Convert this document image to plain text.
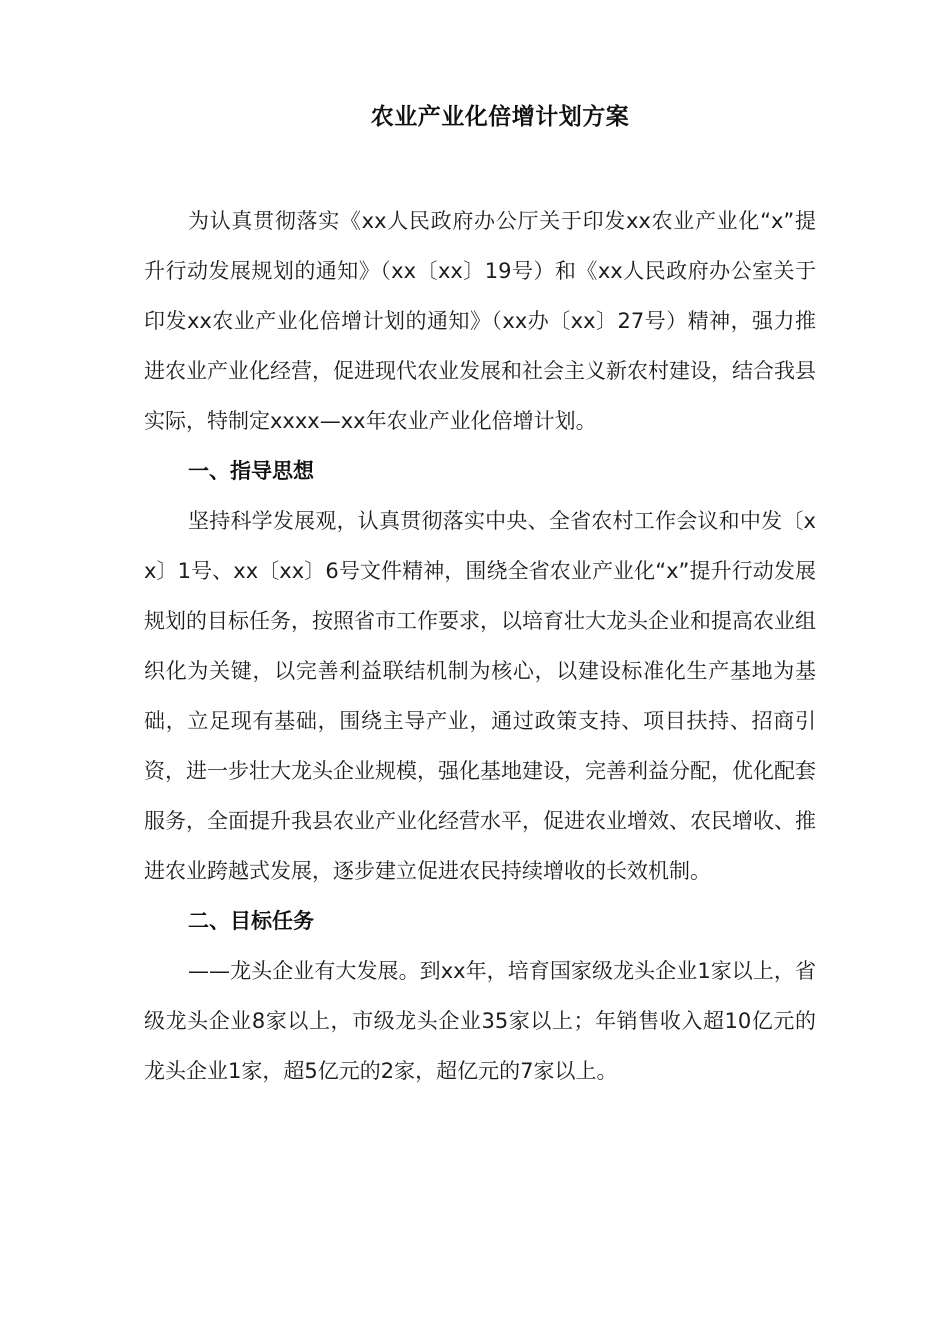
农业产业化倍增计划方案

为认真贯彻落实《xx人民政府办公厅关于印发xx农业产业化“x”提升行动发展规划的通知》（xx〔xx〕19号）和《xx人民政府办公室关于印发xx农业产业化倍增计划的通知》（xx办〔xx〕27号）精神，强力推进农业产业化经营，促进现代农业发展和社会主义新农村建设，结合我县实际，特制定xxxx—xx年农业产业化倍增计划。

一、指导思想

坚持科学发展观，认真贯彻落实中央、全省农村工作会议和中发〔xx〕1号、xx〔xx〕6号文件精神，围绕全省农业产业化“x”提升行动发展规划的目标任务，按照省市工作要求，以培育壮大龙头企业和提高农业组织化为关键，以完善利益联结机制为核心，以建设标准化生产基地为基础，立足现有基础，围绕主导产业，通过政策支持、项目扶持、招商引资，进一步壮大龙头企业规模，强化基地建设，完善利益分配，优化配套服务，全面提升我县农业产业化经营水平，促进农业增效、农民增收、推进农业跨越式发展，逐步建立促进农民持续增收的长效机制。

二、目标任务

——龙头企业有大发展。到xx年，培育国家级龙头企业1家以上，省级龙头企业8家以上，市级龙头企业35家以上；年销售收入超10亿元的龙头企业1家，超5亿元的2家，超亿元的7家以上。
